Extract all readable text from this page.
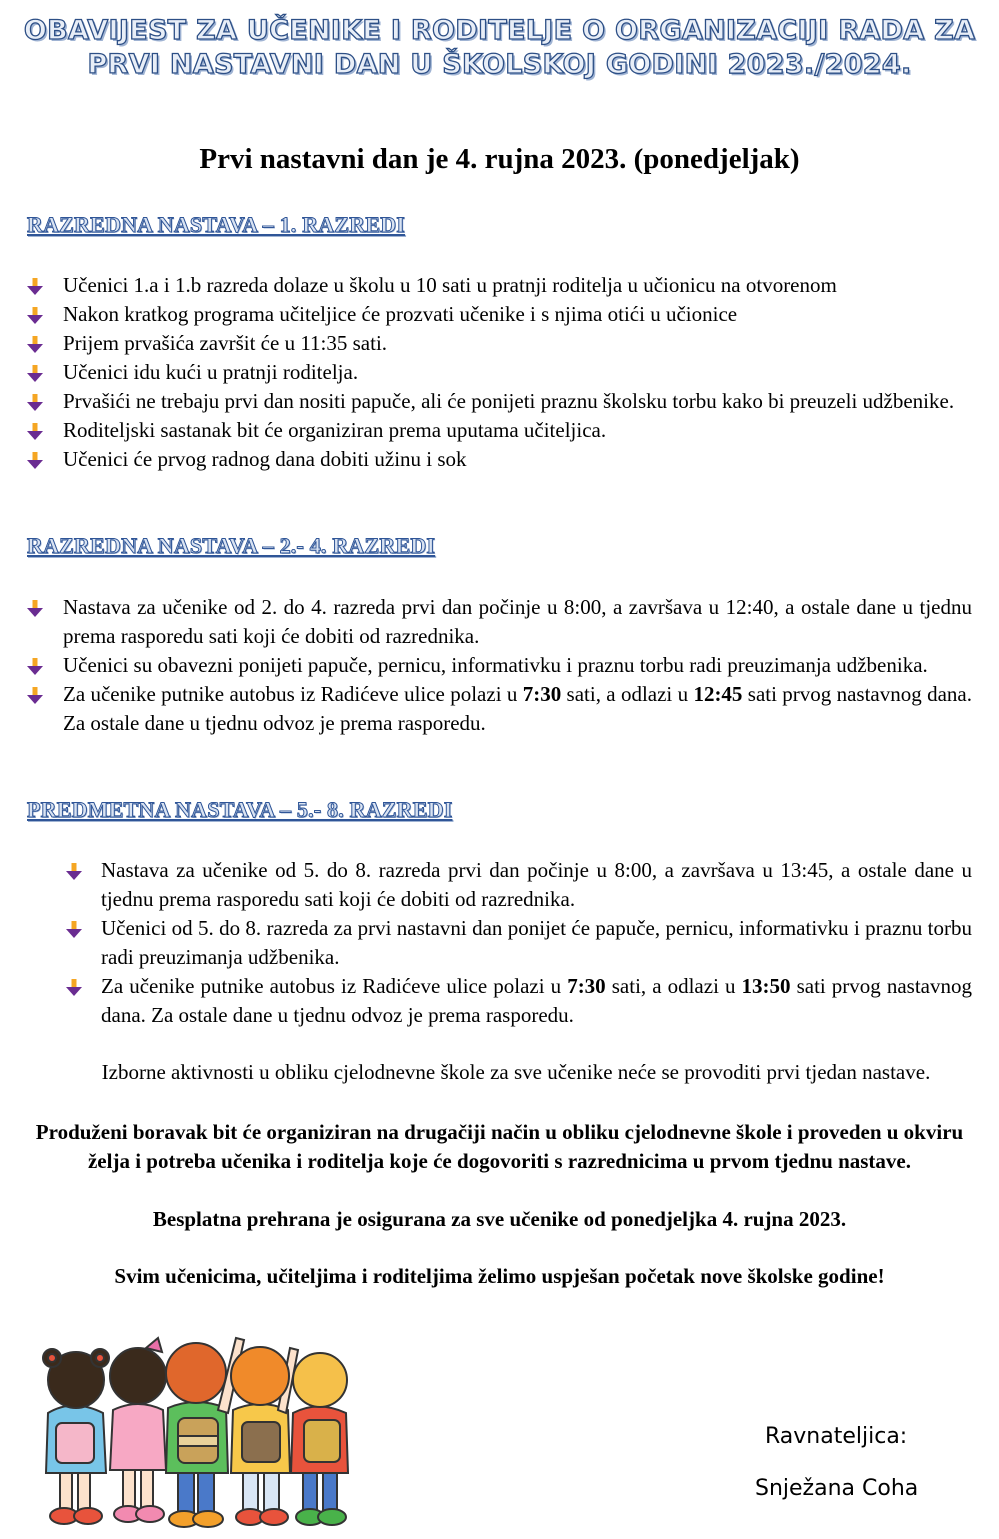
OBAVIJEST ZA UČENIKE I RODITELJE O ORGANIZACIJI RADA ZA
PRVI NASTAVNI DAN U ŠKOLSKOJ GODINI 2023./2024.
Prvi nastavni dan je 4. rujna 2023. (ponedjeljak)
RAZREDNA NASTAVA – 1. RAZREDI
Učenici 1.a i 1.b razreda dolaze u školu u 10 sati u pratnji roditelja u učionicu na otvorenom
Nakon kratkog programa učiteljice će prozvati učenike i s njima otići u učionice
Prijem prvašića završit će u 11:35 sati.
Učenici idu kući u pratnji roditelja.
Prvašići ne trebaju prvi dan nositi papuče, ali će ponijeti praznu školsku torbu kako bi preuzeli udžbenike.
Roditeljski sastanak bit će organiziran prema uputama učiteljica.
Učenici će prvog radnog dana dobiti užinu i sok
RAZREDNA NASTAVA – 2.- 4. RAZREDI
Nastava za učenike od 2. do 4. razreda prvi dan počinje u 8:00, a završava u 12:40, a ostale dane u tjednu prema rasporedu sati koji će dobiti od razrednika.
Učenici su obavezni ponijeti papuče, pernicu, informativku i praznu torbu radi preuzimanja udžbenika.
Za učenike putnike autobus iz Radićeve ulice polazi u 7:30 sati, a odlazi u 12:45 sati prvog nastavnog dana. Za ostale dane u tjednu odvoz je prema rasporedu.
PREDMETNA NASTAVA – 5.- 8. RAZREDI
Nastava za učenike od 5. do 8. razreda prvi dan počinje u 8:00, a završava u 13:45, a ostale dane u tjednu prema rasporedu sati koji će dobiti od razrednika.
Učenici od 5. do 8. razreda za prvi nastavni dan ponijet će papuče, pernicu, informativku i praznu torbu radi preuzimanja udžbenika.
Za učenike putnike autobus iz Radićeve ulice polazi u 7:30 sati, a odlazi u 13:50 sati prvog nastavnog dana. Za ostale dane u tjednu odvoz je prema rasporedu.
Izborne aktivnosti u obliku cjelodnevne škole za sve učenike neće se provoditi prvi tjedan nastave.
Produženi boravak bit će organiziran na drugačiji način u obliku cjelodnevne škole i proveden u okviru želja i potreba učenika i roditelja koje će dogovoriti s razrednicima u prvom tjednu nastave.
Besplatna prehrana je osigurana za sve učenike od ponedjeljka 4. rujna 2023.
Svim učenicima, učiteljima i roditeljima želimo uspješan početak nove školske godine!
Ravnateljica:
Snježana Coha
